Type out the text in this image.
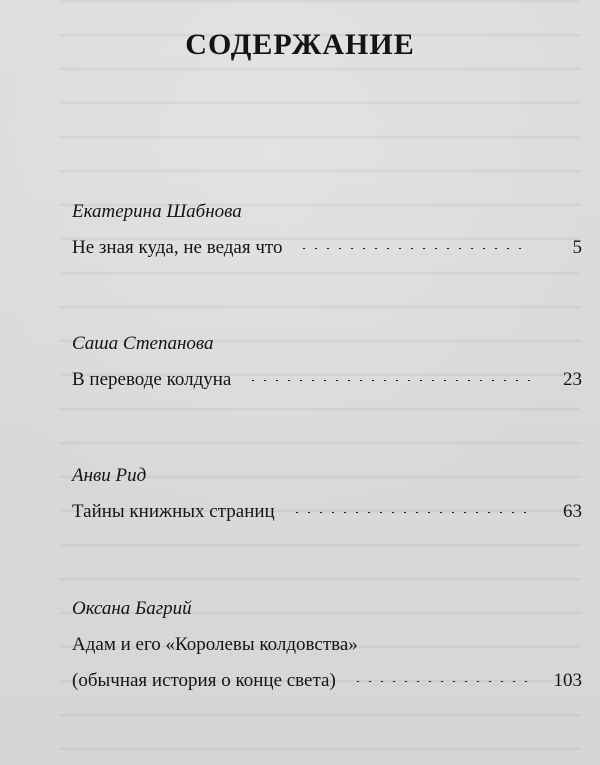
СОДЕРЖАНИЕ
Екатерина Шабнова
Не зная куда, не ведая что	5
Саша Степанова
В переводе колдуна	23
Анви Рид
Тайны книжных страниц	63
Оксана Багрий
Адам и его «Королевы колдовства»
(обычная история о конце света)	103
